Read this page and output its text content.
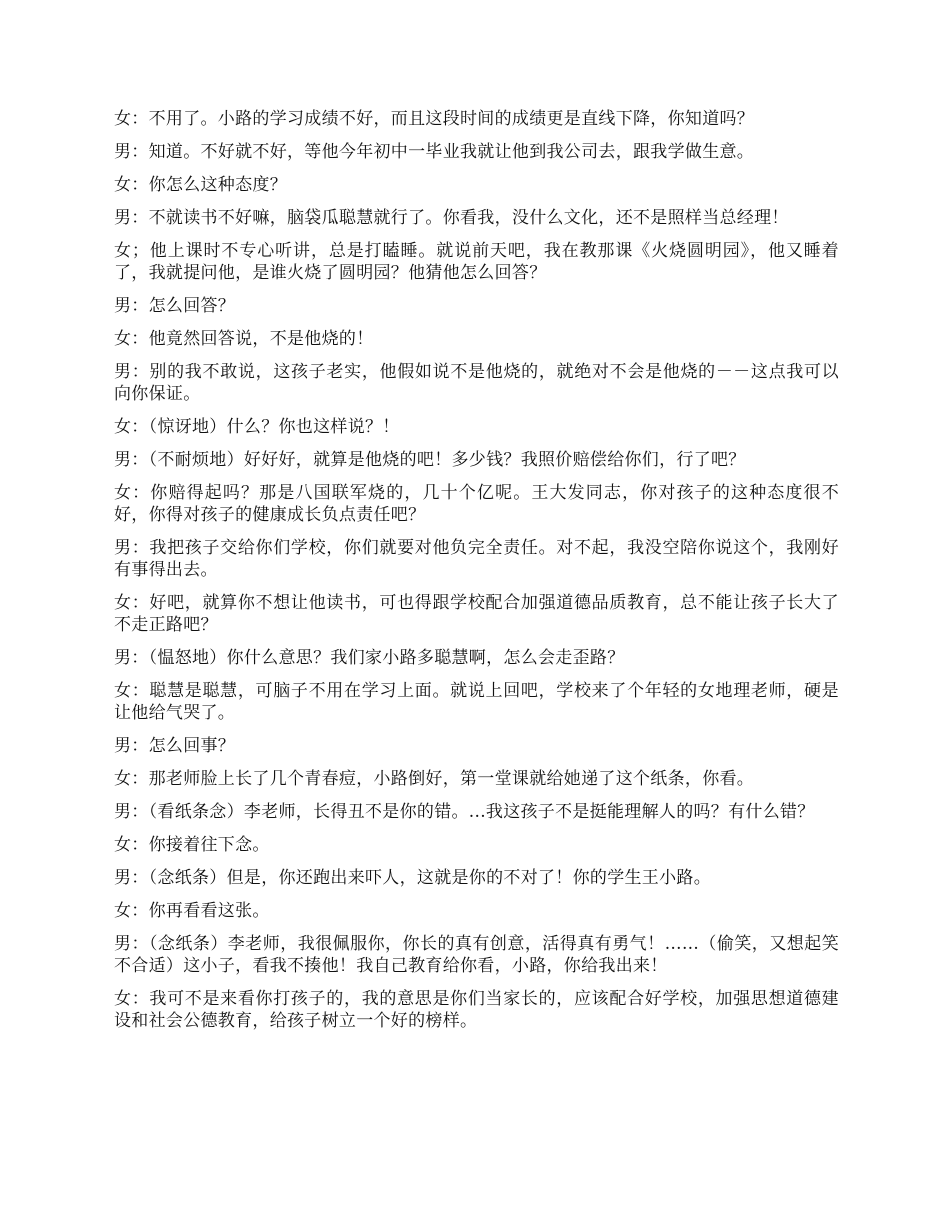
女：不用了。小路的学习成绩不好，而且这段时间的成绩更是直线下降，你知道吗？

男：知道。不好就不好，等他今年初中一毕业我就让他到我公司去，跟我学做生意。

女：你怎么这种态度？

男：不就读书不好嘛，脑袋瓜聪慧就行了。你看我，没什么文化，还不是照样当总经理！

女；他上课时不专心听讲，总是打瞌睡。就说前天吧，我在教那课《火烧圆明园》，他又睡着了，我就提问他，是谁火烧了圆明园？他猜他怎么回答？

男：怎么回答？

女：他竟然回答说，不是他烧的！

男：别的我不敢说，这孩子老实，他假如说不是他烧的，就绝对不会是他烧的－－这点我可以向你保证。

女：（惊讶地）什么？你也这样说？！

男：（不耐烦地）好好好，就算是他烧的吧！多少钱？我照价赔偿给你们，行了吧？

女：你赔得起吗？那是八国联军烧的，几十个亿呢。王大发同志，你对孩子的这种态度很不好，你得对孩子的健康成长负点责任吧？

男：我把孩子交给你们学校，你们就要对他负完全责任。对不起，我没空陪你说这个，我刚好有事得出去。

女：好吧，就算你不想让他读书，可也得跟学校配合加强道德品质教育，总不能让孩子长大了不走正路吧？

男：（愠怒地）你什么意思？我们家小路多聪慧啊，怎么会走歪路？

女：聪慧是聪慧，可脑子不用在学习上面。就说上回吧，学校来了个年轻的女地理老师，硬是让他给气哭了。

男：怎么回事？

女：那老师脸上长了几个青春痘，小路倒好，第一堂课就给她递了这个纸条，你看。

男：（看纸条念）李老师，长得丑不是你的错。...我这孩子不是挺能理解人的吗？有什么错？

女：你接着往下念。

男：（念纸条）但是，你还跑出来吓人，这就是你的不对了！你的学生王小路。

女：你再看看这张。

男：（念纸条）李老师，我很佩服你，你长的真有创意，活得真有勇气！……（偷笑，又想起笑不合适）这小子，看我不揍他！我自己教育给你看，小路，你给我出来！

女：我可不是来看你打孩子的，我的意思是你们当家长的，应该配合好学校，加强思想道德建设和社会公德教育，给孩子树立一个好的榜样。
